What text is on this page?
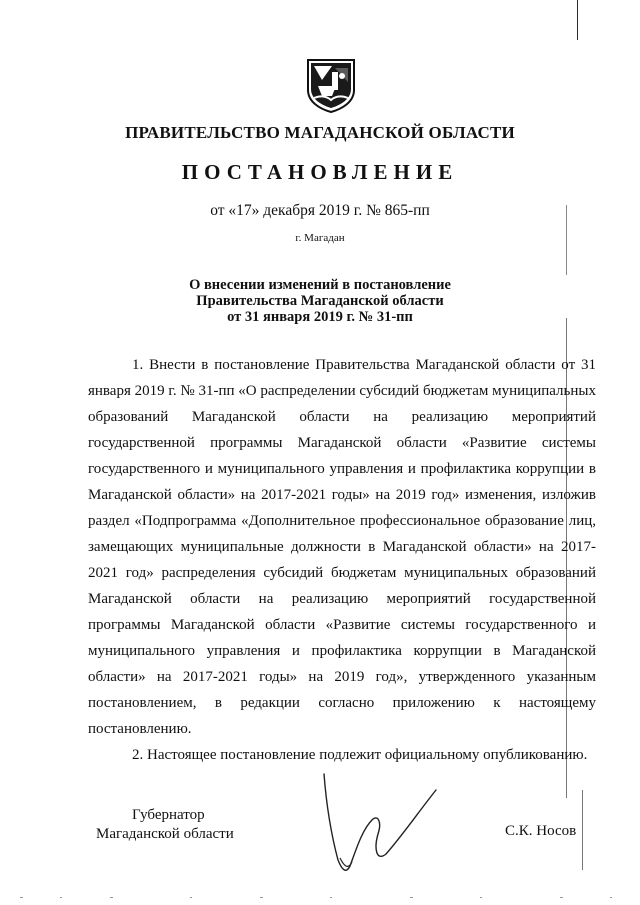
ПРАВИТЕЛЬСТВО МАГАДАНСКОЙ ОБЛАСТИ
ПОСТАНОВЛЕНИЕ
от «17» декабря 2019 г. № 865-пп
г. Магадан
О внесении изменений в постановление
Правительства Магаданской области
от 31 января 2019 г. № 31-пп

1. Внести в постановление Правительства Магаданской области от 31 января 2019 г. № 31-пп «О распределении субсидий бюджетам муниципальных образований Магаданской области на реализацию мероприятий государственной программы Магаданской области «Развитие системы государственного и муниципального управления и профилактика коррупции в Магаданской области» на 2017-2021 годы» на 2019 год» изменения, изложив раздел «Подпрограмма «Дополнительное профессиональное образование лиц, замещающих муниципальные должности в Магаданской области» на 2017-2021 год» распределения субсидий бюджетам муниципальных образований Магаданской области на реализацию мероприятий государственной программы Магаданской области «Развитие системы государственного и муниципального управления и профилактика коррупции в Магаданской области» на 2017-2021 годы» на 2019 год», утвержденного указанным постановлением, в редакции согласно приложению к настоящему постановлению.

2. Настоящее постановление подлежит официальному опубликованию.

Губернатор
Магаданской области	С.К. Носов
